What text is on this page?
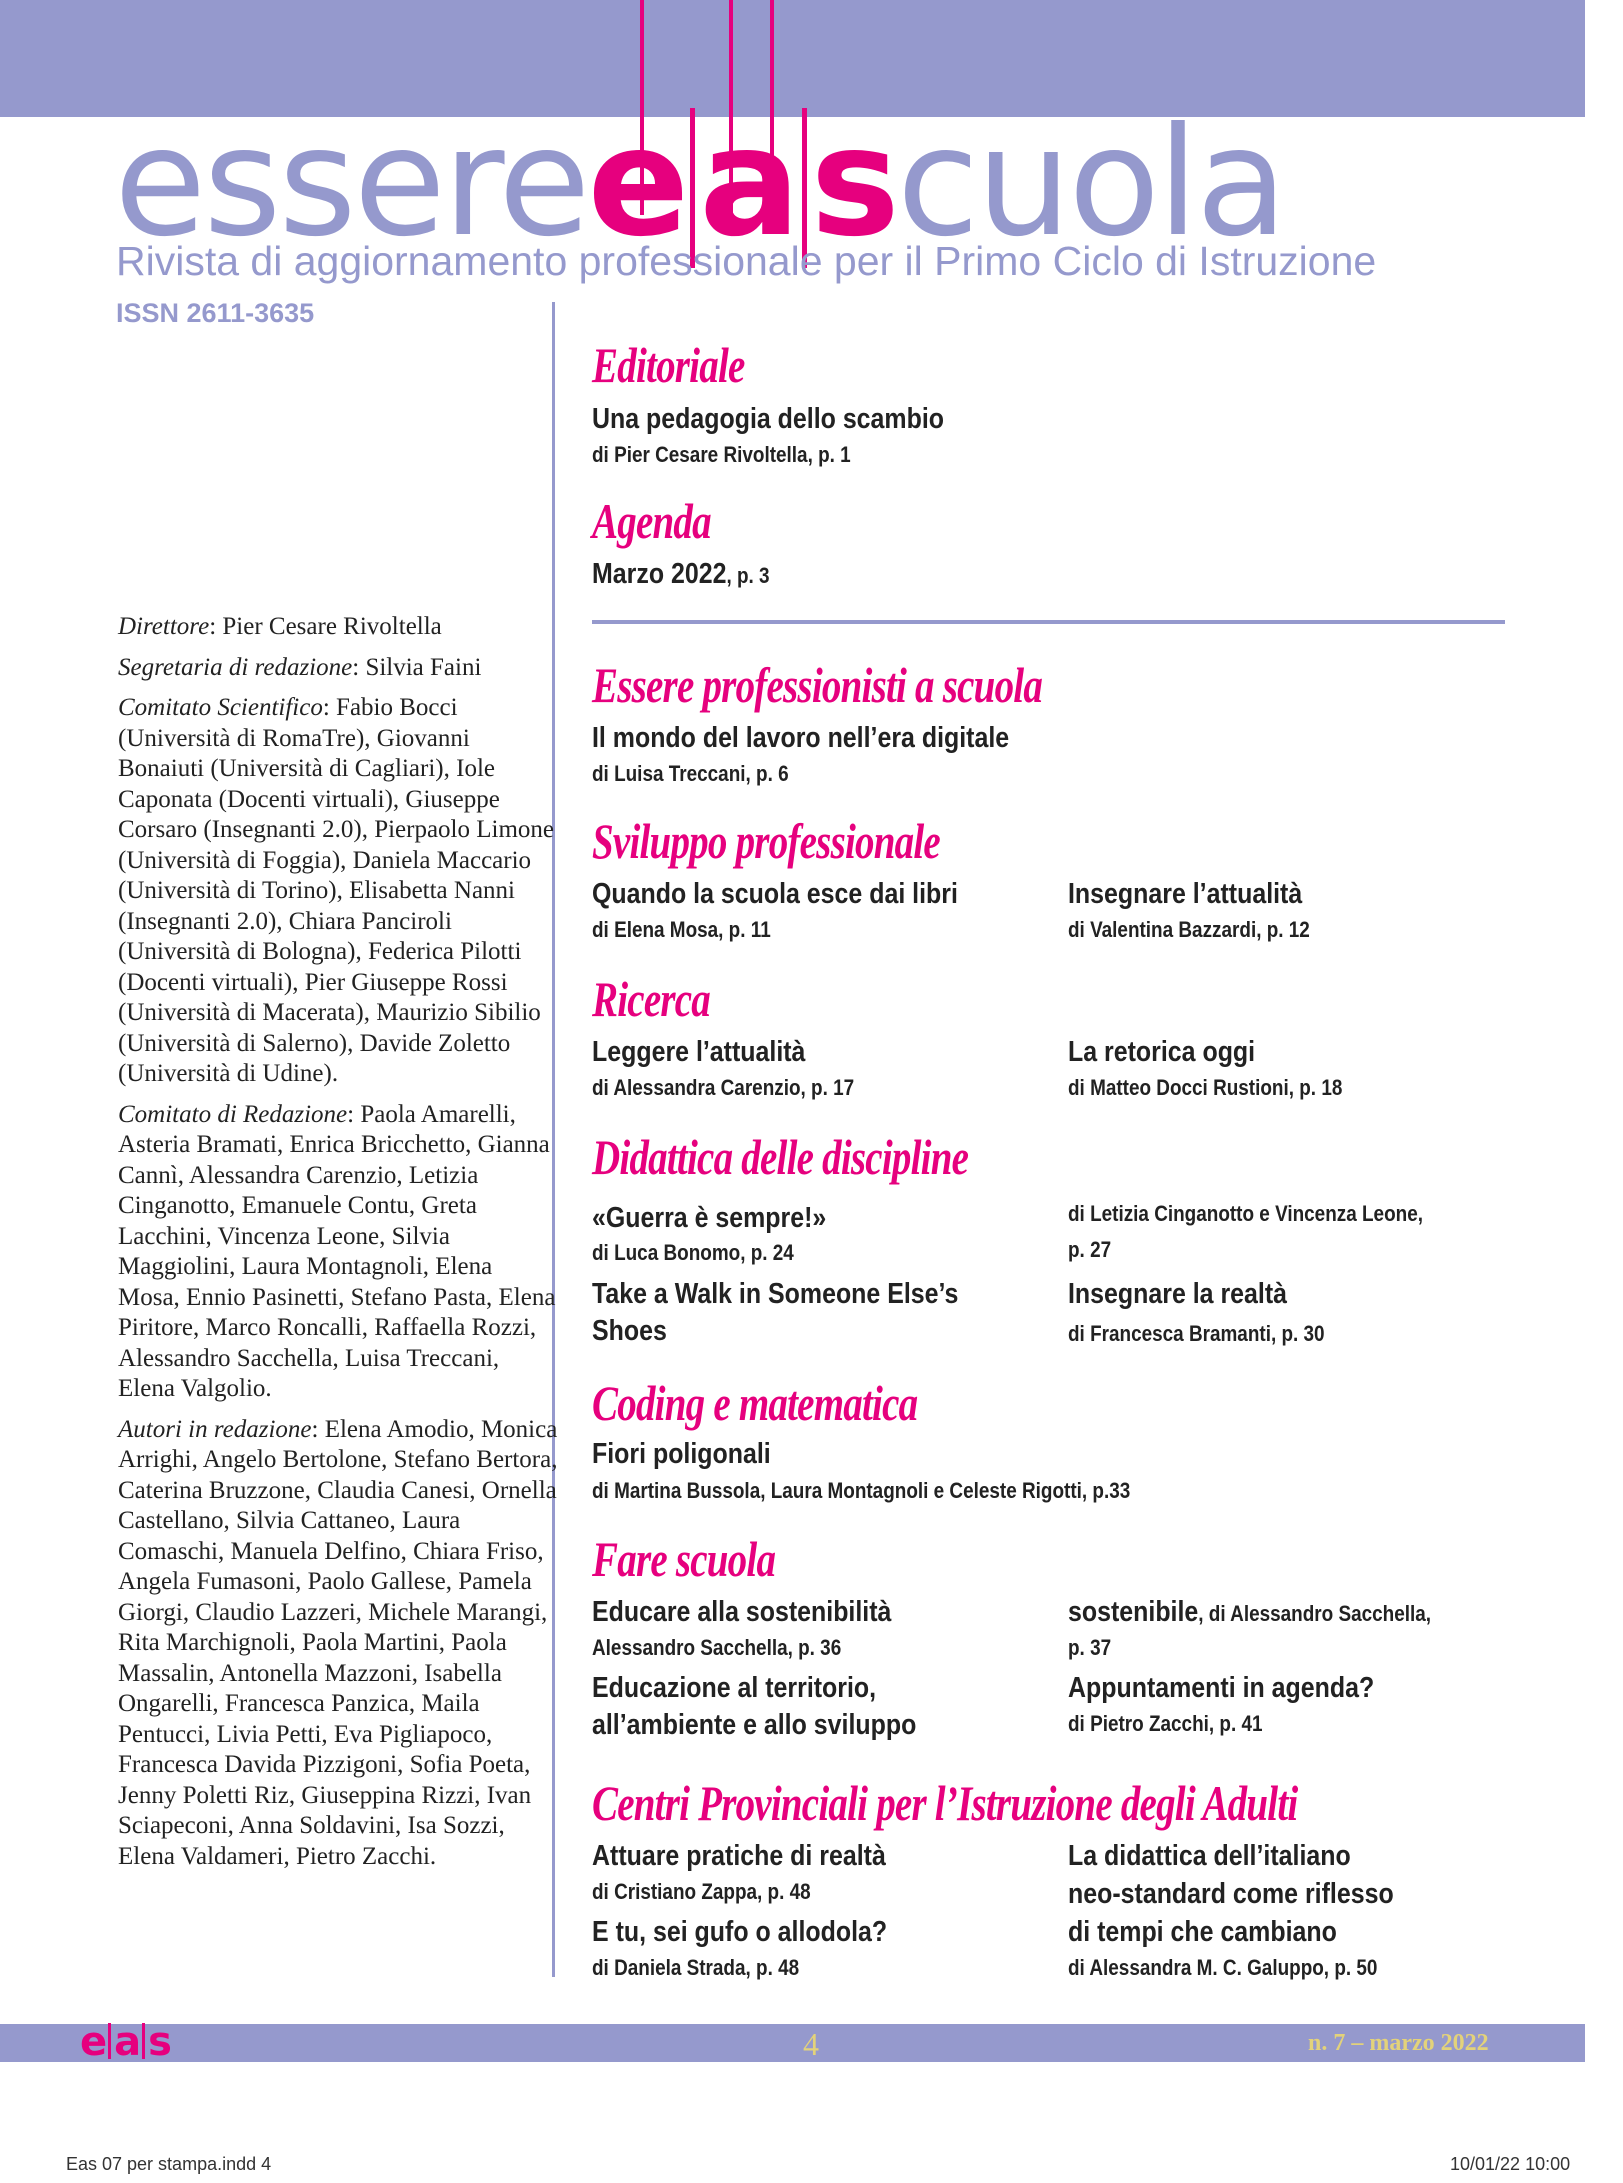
essereeascuola
Rivista di aggiornamento professionale per il Primo Ciclo di Istruzione
ISSN 2611-3635

Direttore: Pier Cesare Rivoltella

Segretaria di redazione: Silvia Faini

Comitato Scientifico: Fabio Bocci (Università di RomaTre), Giovanni Bonaiuti (Università di Cagliari), Iole Caponata (Docenti virtuali), Giuseppe Corsaro (Insegnanti 2.0), Pierpaolo Limone (Università di Foggia), Daniela Maccario (Università di Torino), Elisabetta Nanni (Insegnanti 2.0), Chiara Panciroli (Università di Bologna), Federica Pilotti (Docenti virtuali), Pier Giuseppe Rossi (Università di Macerata), Maurizio Sibilio (Università di Salerno), Davide Zoletto (Università di Udine).

Comitato di Redazione: Paola Amarelli, Asteria Bramati, Enrica Bricchetto, Gianna Cannì, Alessandra Carenzio, Letizia Cinganotto, Emanuele Contu, Greta Lacchini, Vincenza Leone, Silvia Maggiolini, Laura Montagnoli, Elena Mosa, Ennio Pasinetti, Stefano Pasta, Elena Piritore, Marco Roncalli, Raffaella Rozzi, Alessandro Sacchella, Luisa Treccani, Elena Valgolio.

Autori in redazione: Elena Amodio, Monica Arrighi, Angelo Bertolone, Stefano Bertora, Caterina Bruzzone, Claudia Canesi, Ornella Castellano, Silvia Cattaneo, Laura Comaschi, Manuela Delfino, Chiara Friso, Angela Fumasoni, Paolo Gallese, Pamela Giorgi, Claudio Lazzeri, Michele Marangi, Rita Marchignoli, Paola Martini, Paola Massalin, Antonella Mazzoni, Isabella Ongarelli, Francesca Panzica, Maila Pentucci, Livia Petti, Eva Pigliapoco, Francesca Davida Pizzigoni, Sofia Poeta, Jenny Poletti Riz, Giuseppina Rizzi, Ivan Sciapeconi, Anna Soldavini, Isa Sozzi, Elena Valdameri, Pietro Zacchi.

Editoriale
Una pedagogia dello scambio
di Pier Cesare Rivoltella, p. 1
Agenda
Marzo 2022, p. 3
Essere professionisti a scuola
Il mondo del lavoro nell’era digitale
di Luisa Treccani, p. 6
Sviluppo professionale
Quando la scuola esce dai libri
di Elena Mosa, p. 11
Insegnare l’attualità
di Valentina Bazzardi, p. 12
Ricerca
Leggere l’attualità
di Alessandra Carenzio, p. 17
La retorica oggi
di Matteo Docci Rustioni, p. 18
Didattica delle discipline
«Guerra è sempre!»
di Luca Bonomo, p. 24
di Letizia Cinganotto e Vincenza Leone,
p. 27
Take a Walk in Someone Else’s
Shoes
Insegnare la realtà
di Francesca Bramanti, p. 30
Coding e matematica
Fiori poligonali
di Martina Bussola, Laura Montagnoli e Celeste Rigotti, p.33
Fare scuola
Educare alla sostenibilità
Alessandro Sacchella, p. 36
sostenibile, di Alessandro Sacchella,
p. 37
Educazione al territorio,
all’ambiente e allo sviluppo
Appuntamenti in agenda?
di Pietro Zacchi, p. 41
Centri Provinciali per l’Istruzione degli Adulti
Attuare pratiche di realtà
di Cristiano Zappa, p. 48
E tu, sei gufo o allodola?
di Daniela Strada, p. 48
La didattica dell’italiano
neo-standard come riflesso
di tempi che cambiano
di Alessandra M. C. Galuppo, p. 50
e a s	4	n. 7 – marzo 2022
Eas 07 per stampa.indd 4	10/01/22 10:00
